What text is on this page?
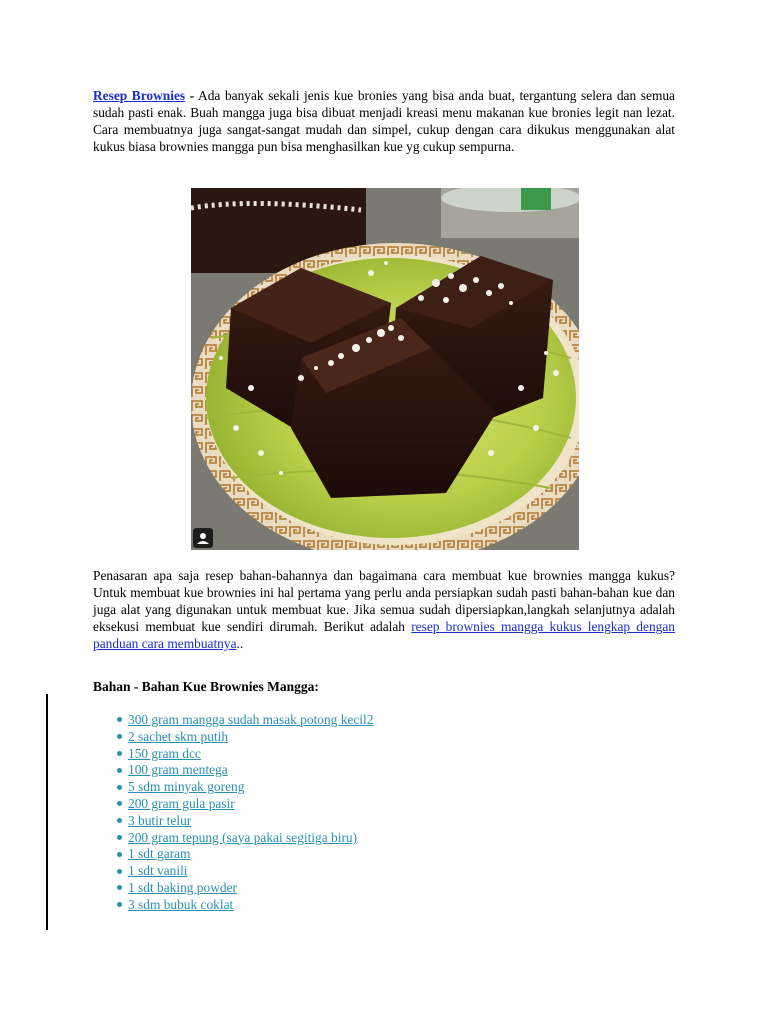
Resep Brownies - Ada banyak sekali jenis kue bronies yang bisa anda buat, tergantung selera dan semua sudah pasti enak. Buah mangga juga bisa dibuat menjadi kreasi menu makanan kue bronies legit nan lezat. Cara membuatnya juga sangat-sangat mudah dan simpel, cukup dengan cara dikukus menggunakan alat kukus biasa brownies mangga pun bisa menghasilkan kue yg cukup sempurna.

Penasaran apa saja resep bahan-bahannya dan bagaimana cara membuat kue brownies mangga kukus? Untuk membuat kue brownies ini hal pertama yang perlu anda persiapkan sudah pasti bahan-bahan kue dan juga alat yang digunakan untuk membuat kue. Jika semua sudah dipersiapkan,langkah selanjutnya adalah eksekusi membuat kue sendiri dirumah. Berikut adalah resep brownies mangga kukus lengkap dengan panduan cara membuatnya..

Bahan - Bahan Kue Brownies Mangga:
300 gram mangga sudah masak potong kecil2
2 sachet skm putih
150 gram dcc
100 gram mentega
5 sdm minyak goreng
200 gram gula pasir
3 butir telur
200 gram tepung (saya pakai segitiga biru)
1 sdt garam
1 sdt vanili
1 sdt baking powder
3 sdm bubuk coklat
